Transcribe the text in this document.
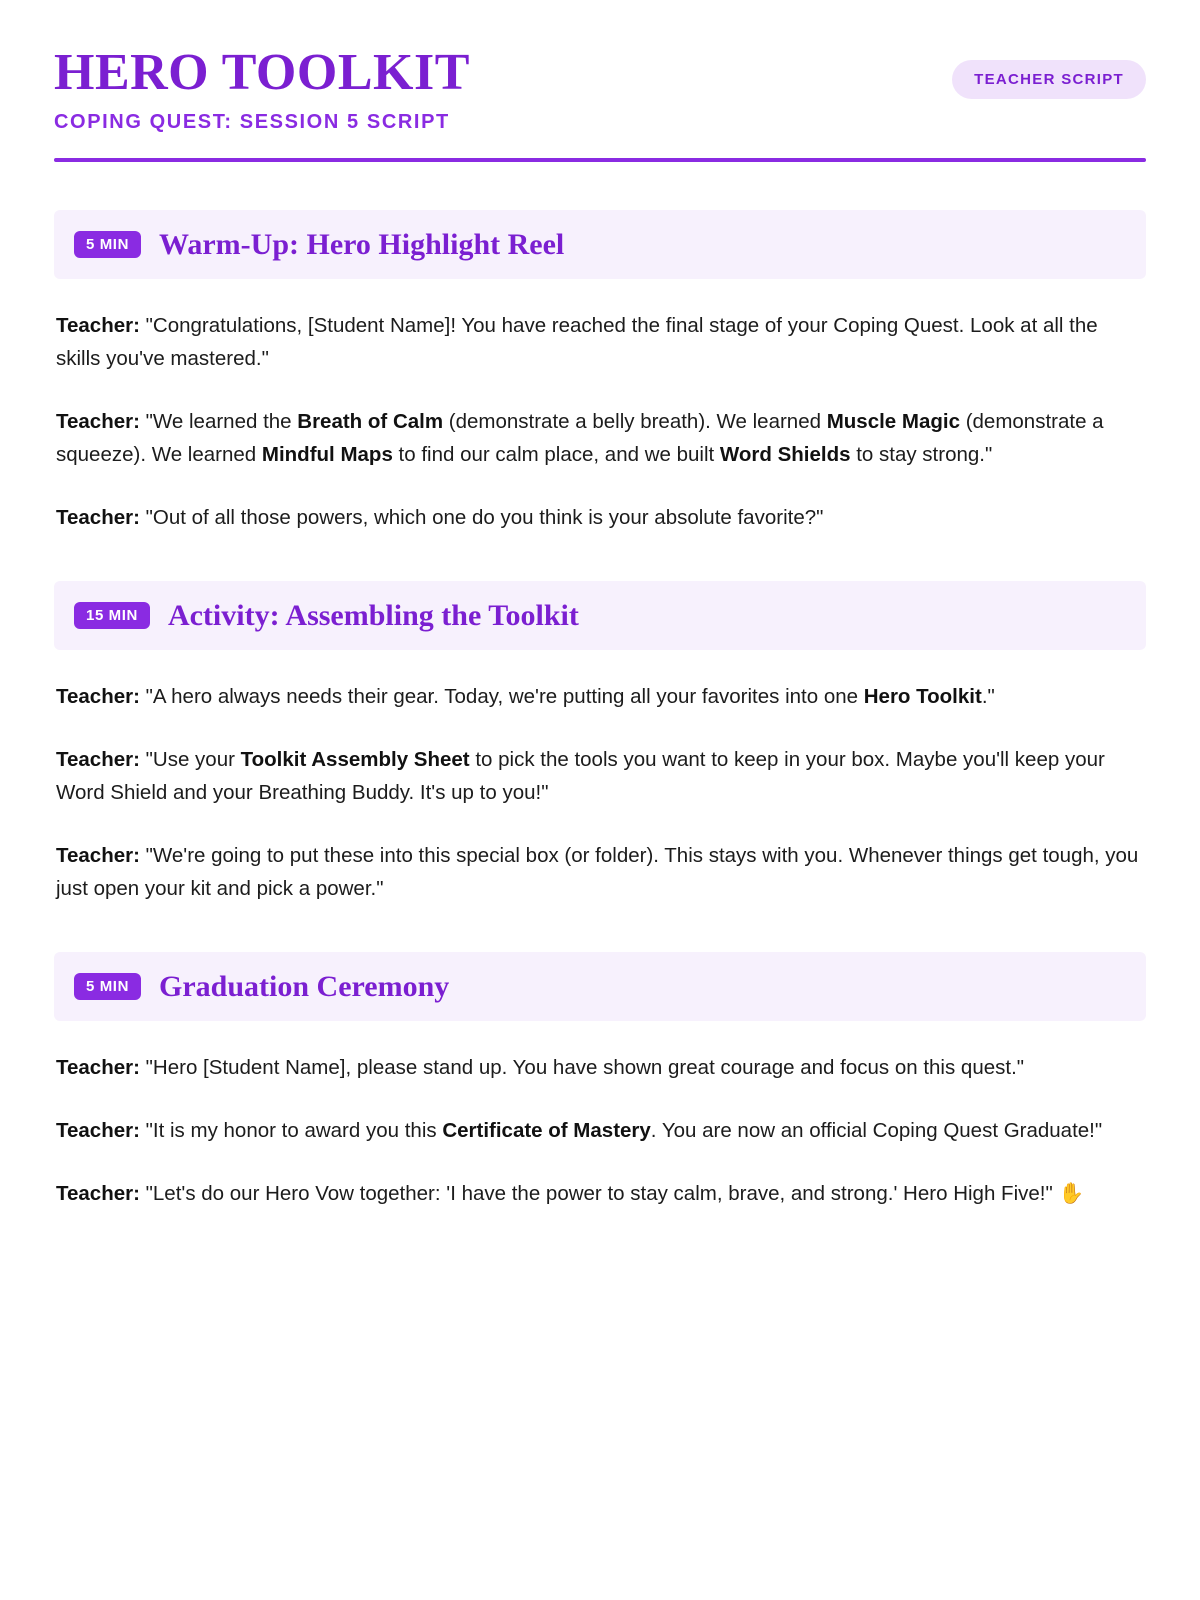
HERO TOOLKIT
COPING QUEST: SESSION 5 SCRIPT
TEACHER SCRIPT
5 MIN	Warm-Up: Hero Highlight Reel

Teacher: "Congratulations, [Student Name]! You have reached the final stage of your Coping Quest. Look at all the skills you've mastered."

Teacher: "We learned the Breath of Calm (demonstrate a belly breath). We learned Muscle Magic (demonstrate a squeeze). We learned Mindful Maps to find our calm place, and we built Word Shields to stay strong."

Teacher: "Out of all those powers, which one do you think is your absolute favorite?"

15 MIN	Activity: Assembling the Toolkit

Teacher: "A hero always needs their gear. Today, we're putting all your favorites into one Hero Toolkit."

Teacher: "Use your Toolkit Assembly Sheet to pick the tools you want to keep in your box. Maybe you'll keep your Word Shield and your Breathing Buddy. It's up to you!"

Teacher: "We're going to put these into this special box (or folder). This stays with you. Whenever things get tough, you just open your kit and pick a power."

5 MIN	Graduation Ceremony

Teacher: "Hero [Student Name], please stand up. You have shown great courage and focus on this quest."

Teacher: "It is my honor to award you this Certificate of Mastery. You are now an official Coping Quest Graduate!"

Teacher: "Let's do our Hero Vow together: 'I have the power to stay calm, brave, and strong.' Hero High Five!" ✋
